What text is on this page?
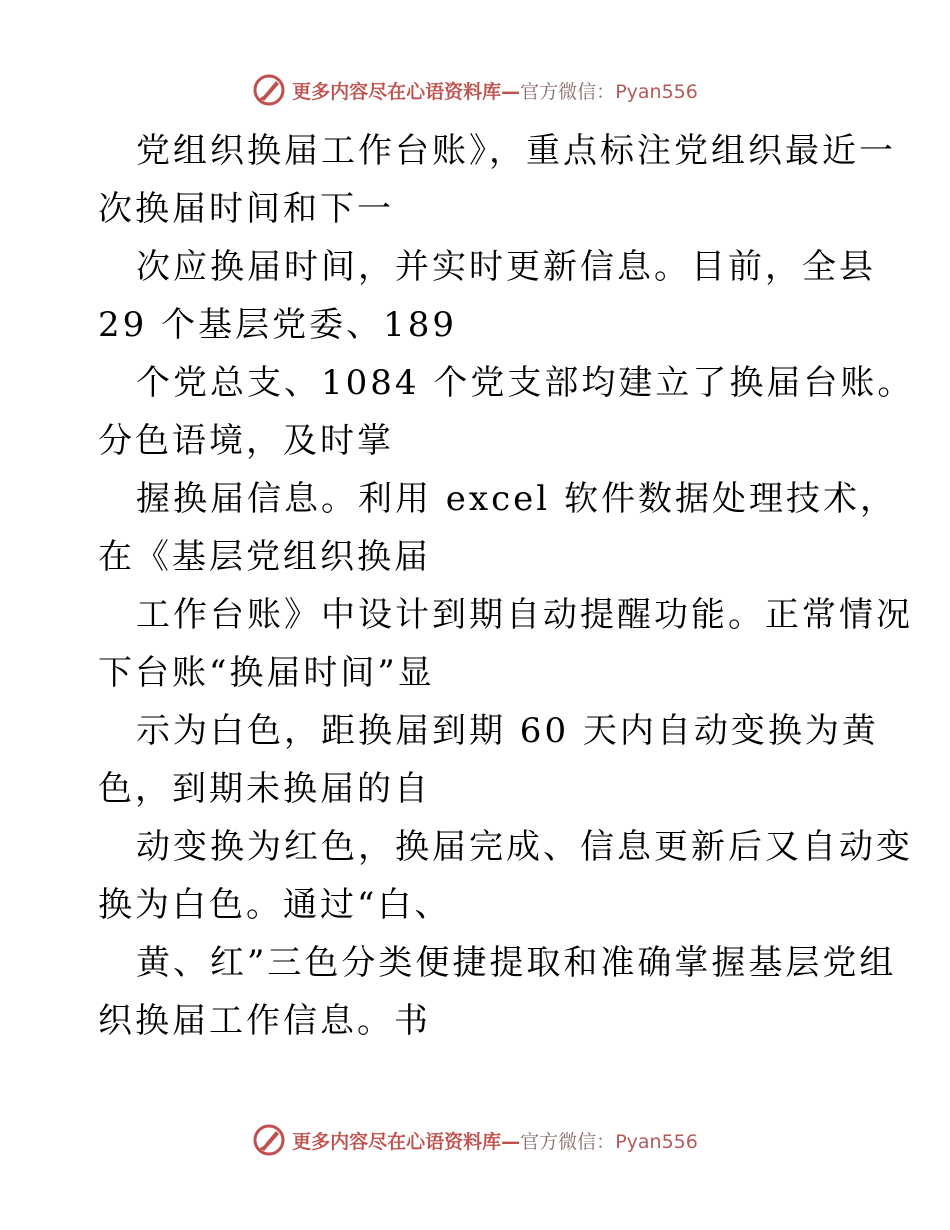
更多内容尽在心语资料库—官方微信：Pyan556
党组织换届工作台账》，重点标注党组织最近一
次换届时间和下一
次应换届时间，并实时更新信息。目前，全县
29 个基层党委、189
个党总支、1084 个党支部均建立了换届台账。
分色语境，及时掌
握换届信息。利用 excel 软件数据处理技术，
在《基层党组织换届
工作台账》中设计到期自动提醒功能。正常情况
下台账“换届时间”显
示为白色，距换届到期 60 天内自动变换为黄
色，到期未换届的自
动变换为红色，换届完成、信息更新后又自动变
换为白色。通过“白、
黄、红”三色分类便捷提取和准确掌握基层党组
织换届工作信息。书
更多内容尽在心语资料库—官方微信：Pyan556
